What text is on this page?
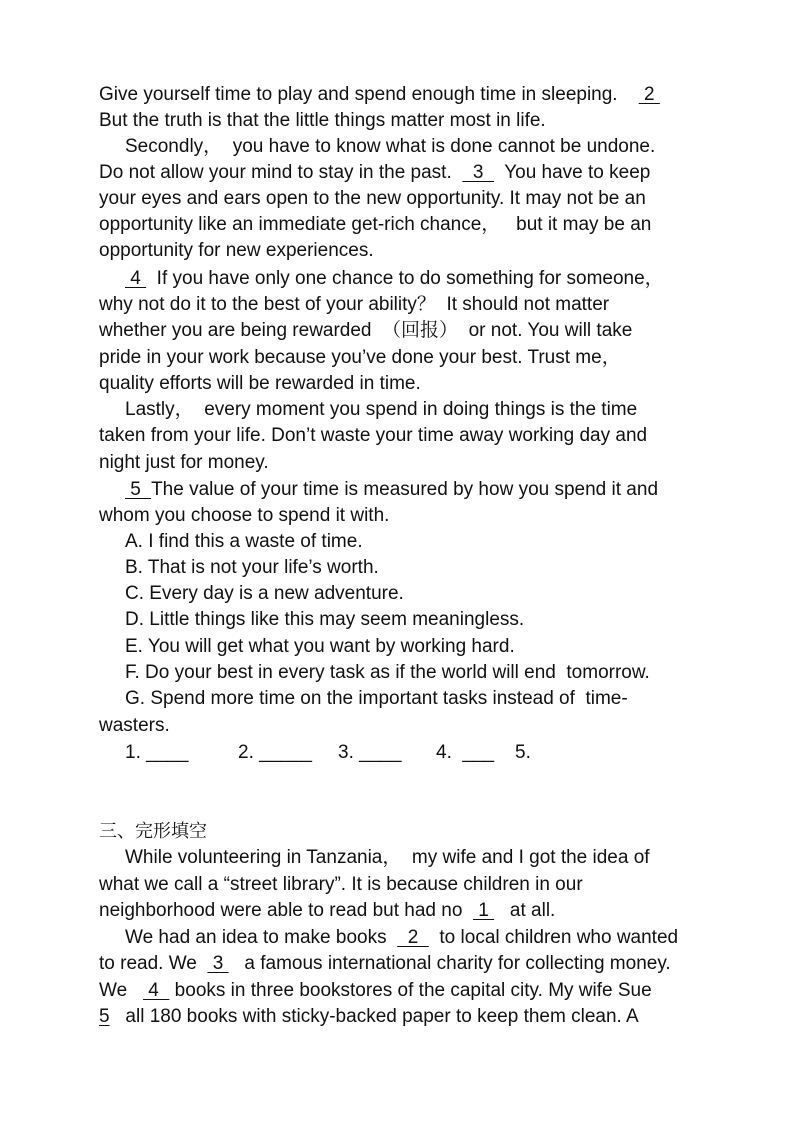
Give yourself time to play and spend enough time in sleeping.     2
But the truth is that the little things matter most in life.
Secondly，  you have to know what is done cannot be undone.
Do not allow your mind to stay in the past.    3    You have to keep
your eyes and ears open to the new opportunity. It may not be an
opportunity like an immediate get-rich chance，   but it may be an
opportunity for new experiences.
4   If you have only one chance to do something for someone，
why not do it to the best of your ability？  It should not matter
whether you are being rewarded  （回报）  or not. You will take
pride in your work because you’ve done your best. Trust me，
quality efforts will be rewarded in time.
Lastly，  every moment you spend in doing things is the time
taken from your life. Don’t waste your time away working day and
night just for money.
5  The value of your time is measured by how you spend it and
whom you choose to spend it with.
A. I find this a waste of time.
B. That is not your life’s worth.
C. Every day is a new adventure.
D. Little things like this may seem meaningless.
E. You will get what you want by working hard.
F. Do your best in every task as if the world will end  tomorrow.
G. Spend more time on the important tasks instead of  time-
wasters.
1. ____	2. _____ 3. ____ 4.  ___ 5.
三、完形填空
While volunteering in Tanzania，  my wife and I got the idea of
what we call a “street library”. It is because children in our
neighborhood were able to read but had no   1    at all.
We had an idea to make books    2    to local children who wanted
to read. We   3    a famous international charity for collecting money.
We    4   books in three bookstores of the capital city. My wife Sue
5   all 180 books with sticky-backed paper to keep them clean. A
